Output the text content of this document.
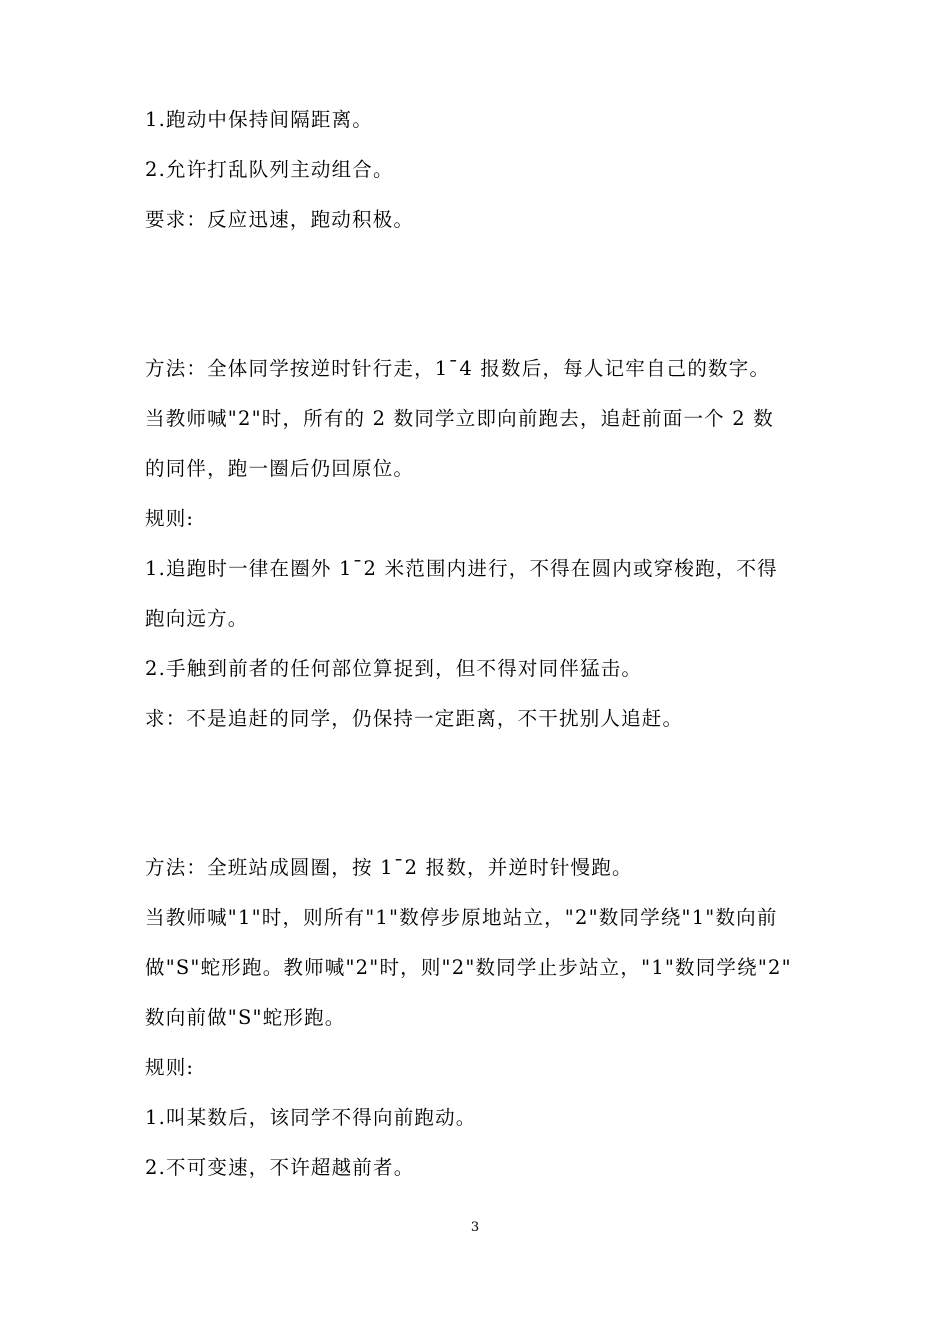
1.跑动中保持间隔距离。
2.允许打乱队列主动组合。
要求：反应迅速，跑动积极。
方法：全体同学按逆时针行走，1¯4 报数后，每人记牢自己的数字。
当教师喊"2"时，所有的 2 数同学立即向前跑去，追赶前面一个 2 数
的同伴，跑一圈后仍回原位。
规则:
1.追跑时一律在圈外 1¯2 米范围内进行，不得在圆内或穿梭跑，不得
跑向远方。
2.手触到前者的任何部位算捉到，但不得对同伴猛击。
求：不是追赶的同学，仍保持一定距离，不干扰别人追赶。
方法：全班站成圆圈，按 1¯2 报数，并逆时针慢跑。
当教师喊"1"时，则所有"1"数停步原地站立，"2"数同学绕"1"数向前
做"S"蛇形跑。教师喊"2"时，则"2"数同学止步站立，"1"数同学绕"2"
数向前做"S"蛇形跑。
规则:
1.叫某数后，该同学不得向前跑动。
2.不可变速，不许超越前者。
3
